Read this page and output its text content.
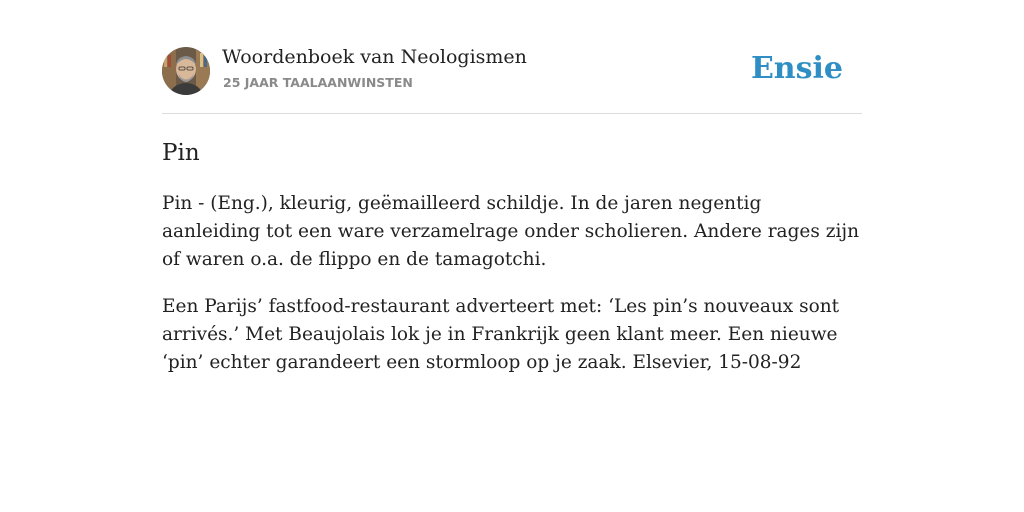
Woordenboek van Neologismen
25 JAAR TAALAANWINSTEN	Ensie
Pin

Pin - (Eng.), kleurig, geëmailleerd schildje. In de jaren negentig aanleiding tot een ware verzamelrage onder scholieren. Andere rages zijn of waren o.a. de flippo en de tamagotchi.

Een Parijs’ fastfood-restaurant adverteert met: ‘Les pin’s nouveaux sont arrivés.’ Met Beaujolais lok je in Frankrijk geen klant meer. Een nieuwe ‘pin’ echter garandeert een stormloop op je zaak. Elsevier, 15-08-92
